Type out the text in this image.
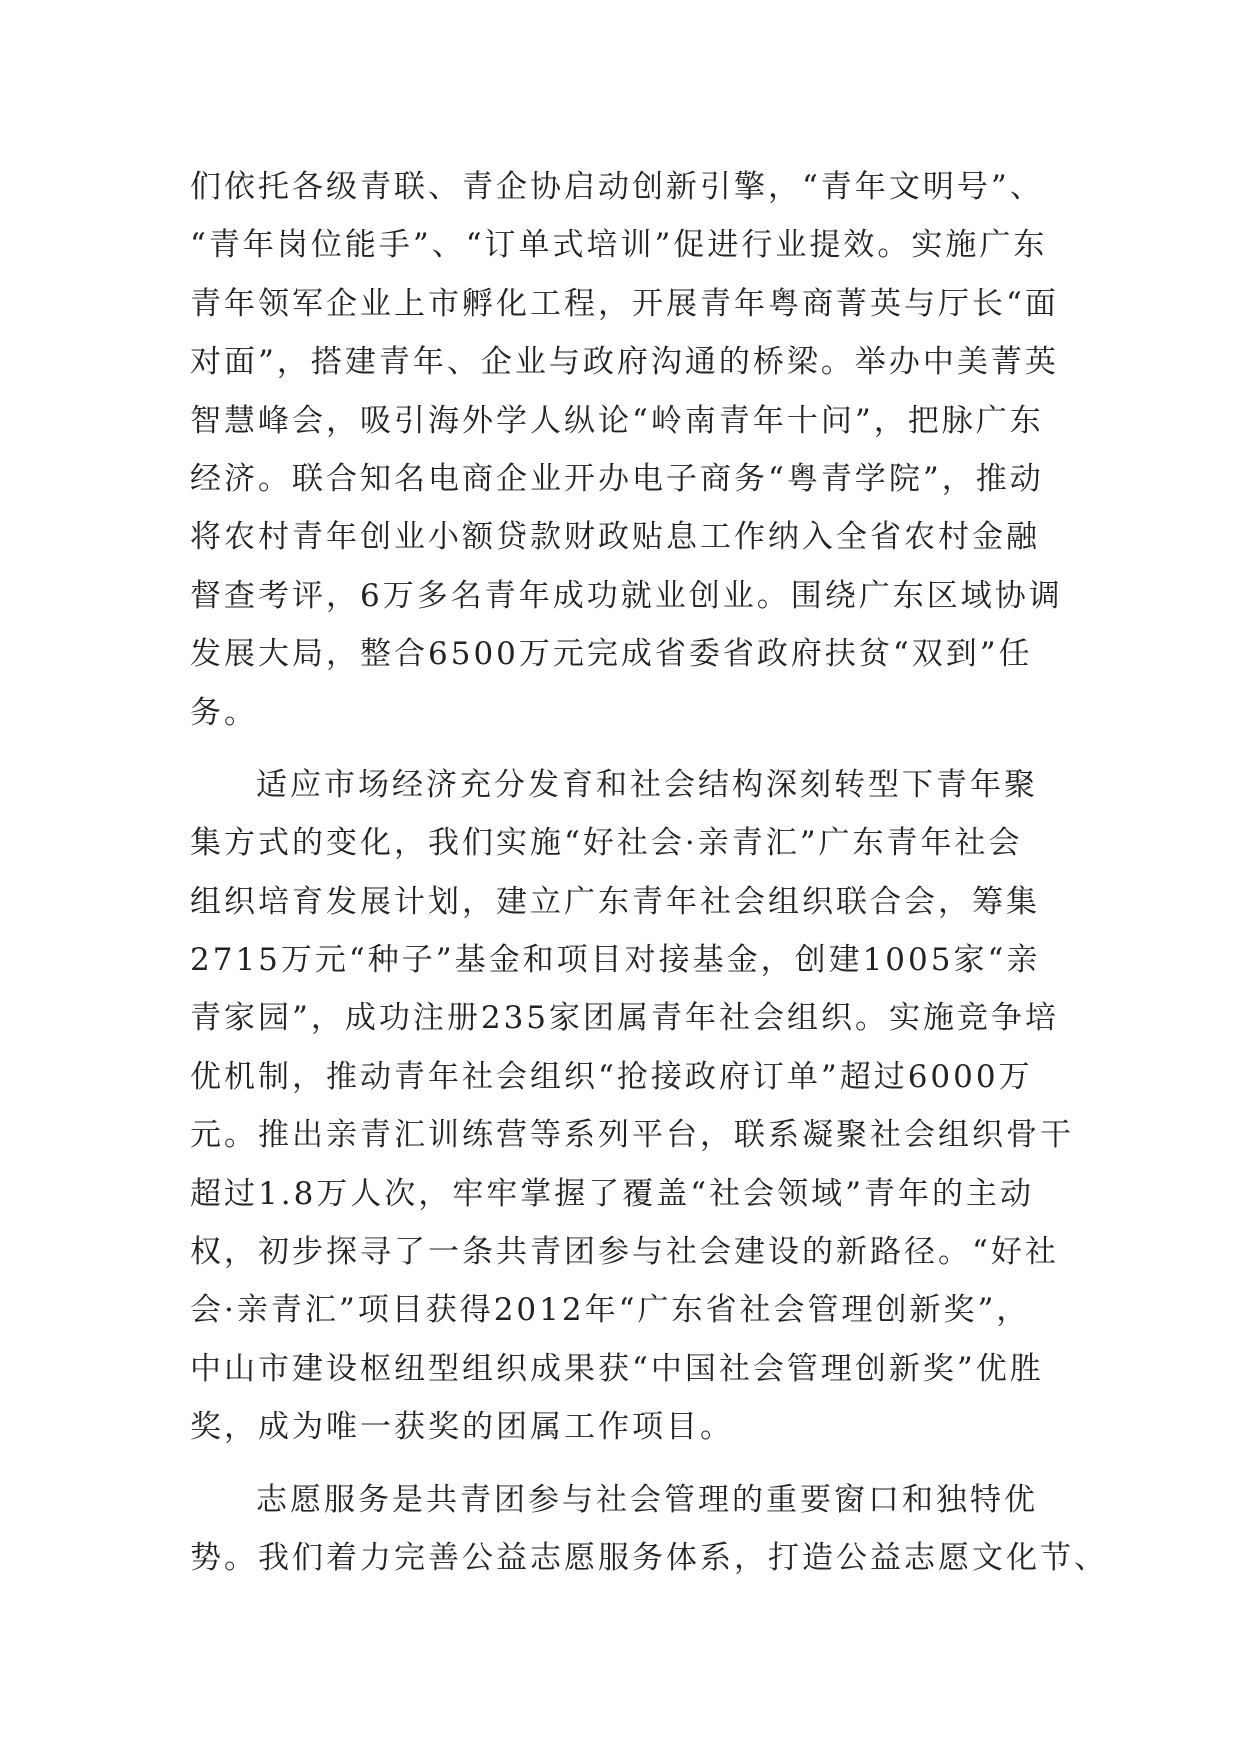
们依托各级青联、青企协启动创新引擎，“青年文明号”、
“青年岗位能手”、“订单式培训”促进行业提效。实施广东
青年领军企业上市孵化工程，开展青年粤商菁英与厅长“面
对面”，搭建青年、企业与政府沟通的桥梁。举办中美菁英
智慧峰会，吸引海外学人纵论“岭南青年十问”，把脉广东
经济。联合知名电商企业开办电子商务“粤青学院”，推动
将农村青年创业小额贷款财政贴息工作纳入全省农村金融
督查考评，6万多名青年成功就业创业。围绕广东区域协调
发展大局，整合6500万元完成省委省政府扶贫“双到”任
务。
适应市场经济充分发育和社会结构深刻转型下青年聚
集方式的变化，我们实施“好社会·亲青汇”广东青年社会
组织培育发展计划，建立广东青年社会组织联合会，筹集
2715万元“种子”基金和项目对接基金，创建1005家“亲
青家园”，成功注册235家团属青年社会组织。实施竞争培
优机制，推动青年社会组织“抢接政府订单”超过6000万
元。推出亲青汇训练营等系列平台，联系凝聚社会组织骨干
超过1.8万人次，牢牢掌握了覆盖“社会领域”青年的主动
权，初步探寻了一条共青团参与社会建设的新路径。“好社
会·亲青汇”项目获得2012年“广东省社会管理创新奖”，
中山市建设枢纽型组织成果获“中国社会管理创新奖”优胜
奖，成为唯一获奖的团属工作项目。
志愿服务是共青团参与社会管理的重要窗口和独特优
势。我们着力完善公益志愿服务体系，打造公益志愿文化节、
